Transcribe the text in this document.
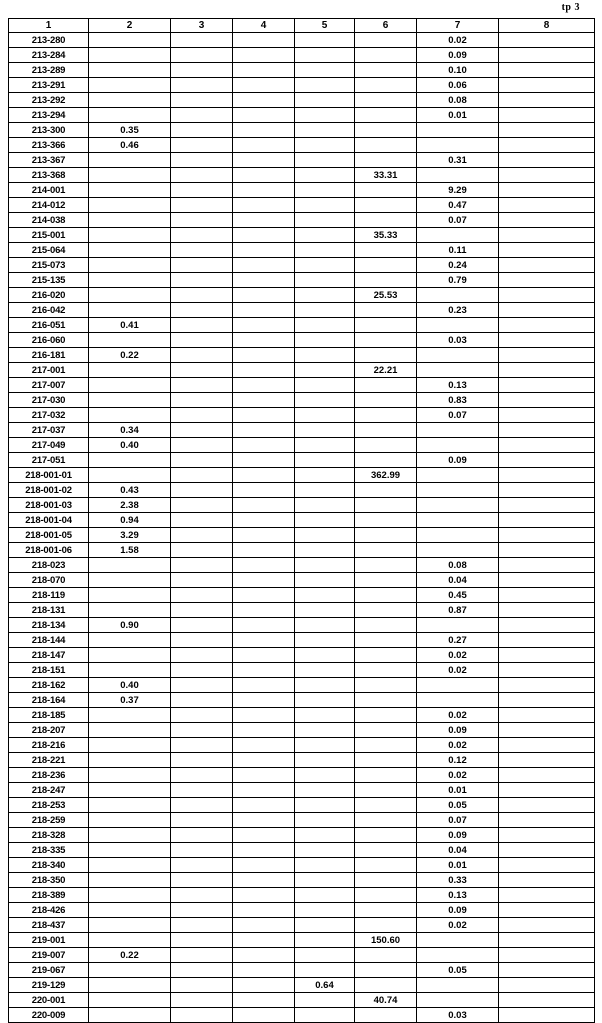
tp 3
1	2	3	4	5	6	7	8
213-280						0.02	
213-284						0.09	
213-289						0.10	
213-291						0.06	
213-292						0.08	
213-294						0.01	
213-300	0.35						
213-366	0.46						
213-367						0.31	
213-368					33.31		
214-001						9.29	
214-012						0.47	
214-038						0.07	
215-001					35.33		
215-064						0.11	
215-073						0.24	
215-135						0.79	
216-020					25.53		
216-042						0.23	
216-051	0.41						
216-060						0.03	
216-181	0.22						
217-001					22.21		
217-007						0.13	
217-030						0.83	
217-032						0.07	
217-037	0.34						
217-049	0.40						
217-051						0.09	
218-001-01					362.99		
218-001-02	0.43						
218-001-03	2.38						
218-001-04	0.94						
218-001-05	3.29						
218-001-06	1.58						
218-023						0.08	
218-070						0.04	
218-119						0.45	
218-131						0.87	
218-134	0.90						
218-144						0.27	
218-147						0.02	
218-151						0.02	
218-162	0.40						
218-164	0.37						
218-185						0.02	
218-207						0.09	
218-216						0.02	
218-221						0.12	
218-236						0.02	
218-247						0.01	
218-253						0.05	
218-259						0.07	
218-328						0.09	
218-335						0.04	
218-340						0.01	
218-350						0.33	
218-389						0.13	
218-426						0.09	
218-437						0.02	
219-001					150.60		
219-007	0.22						
219-067						0.05	
219-129				0.64			
220-001					40.74		
220-009						0.03	
